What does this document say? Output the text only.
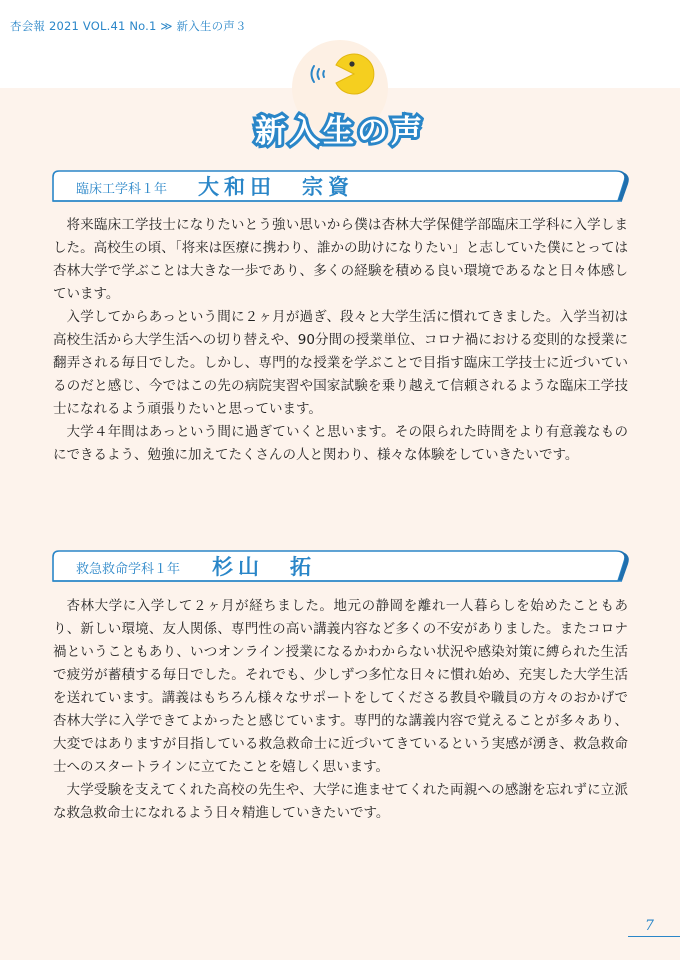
杏会報 2021 VOL.41 No.1 ≫ 新入生の声３
新入生の声
臨床工学科１年 大和田　宗資

将来臨床工学技士になりたいとう強い思いから僕は杏林大学保健学部臨床工学科に入学しました。高校生の頃、「将来は医療に携わり、誰かの助けになりたい」と志していた僕にとっては杏林大学で学ぶことは大きな一歩であり、多くの経験を積める良い環境であるなと日々体感しています。

入学してからあっという間に２ヶ月が過ぎ、段々と大学生活に慣れてきました。入学当初は高校生活から大学生活への切り替えや、90分間の授業単位、コロナ禍における変則的な授業に翻弄される毎日でした。しかし、専門的な授業を学ぶことで目指す臨床工学技士に近づいているのだと感じ、今ではこの先の病院実習や国家試験を乗り越えて信頼されるような臨床工学技士になれるよう頑張りたいと思っています。

大学４年間はあっという間に過ぎていくと思います。その限られた時間をより有意義なものにできるよう、勉強に加えてたくさんの人と関わり、様々な体験をしていきたいです。

救急救命学科１年 杉山　拓

杏林大学に入学して２ヶ月が経ちました。地元の静岡を離れ一人暮らしを始めたこともあり、新しい環境、友人関係、専門性の高い講義内容など多くの不安がありました。またコロナ禍ということもあり、いつオンライン授業になるかわからない状況や感染対策に縛られた生活で疲労が蓄積する毎日でした。それでも、少しずつ多忙な日々に慣れ始め、充実した大学生活を送れています。講義はもちろん様々なサポートをしてくださる教員や職員の方々のおかげで杏林大学に入学できてよかったと感じています。専門的な講義内容で覚えることが多々あり、大変ではありますが目指している救急救命士に近づいてきているという実感が湧き、救急救命士へのスタートラインに立てたことを嬉しく思います。

大学受験を支えてくれた高校の先生や、大学に進ませてくれた両親への感謝を忘れずに立派な救急救命士になれるよう日々精進していきたいです。

7
